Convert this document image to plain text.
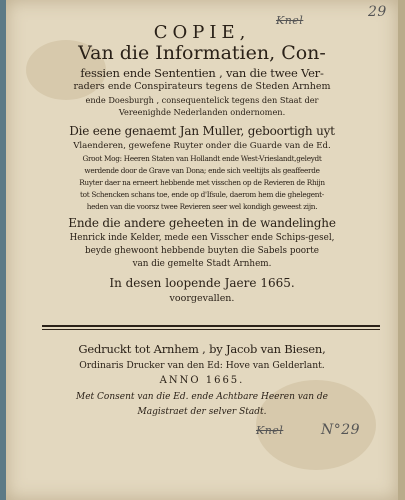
Knel
29
COPIE,
Van die Informatien, Con-
fessien ende Sententien , van die twee Ver-
raders ende Conspirateurs tegens de Steden Arnhem
ende Doesburgh , consequentelick tegens den Staat der
Vereenighde Nederlanden ondernomen.
Die eene genaemt Jan Muller, geboortigh uyt
Vlaenderen, gewefene Ruyter onder die Guarde van de Ed.
Groot Mog: Heeren Staten van Hollandt ende West-Vrieslandt,geleydt
werdende door de Grave van Dona; ende sich veeltijts als geaffeerde
Ruyter daer na erneert hebbende met visschen op de Revieren de Rhijn
tot Schencken schans toe, ende op d'Ifsule, daerom hem die ghelegent-
heden van die voorsz twee Revieren seer wel kondigh geweest zijn.
Ende die andere geheeten in de wandelinghe
Henrick inde Kelder, mede een Visscher ende Schips-gesel,
beyde ghewoont hebbende buyten die Sabels poorte
van die gemelte Stadt Arnhem.
In desen loopende Jaere 1665.
voorgevallen.
Gedruckt tot Arnhem , by Jacob van Biesen,
Ordinaris Drucker van den Ed: Hove van Gelderlant.
ANNO 1665.
Met Consent van die Ed. ende Achtbare Heeren van de
Magistraet der selver Stadt.
Knel	N°29
